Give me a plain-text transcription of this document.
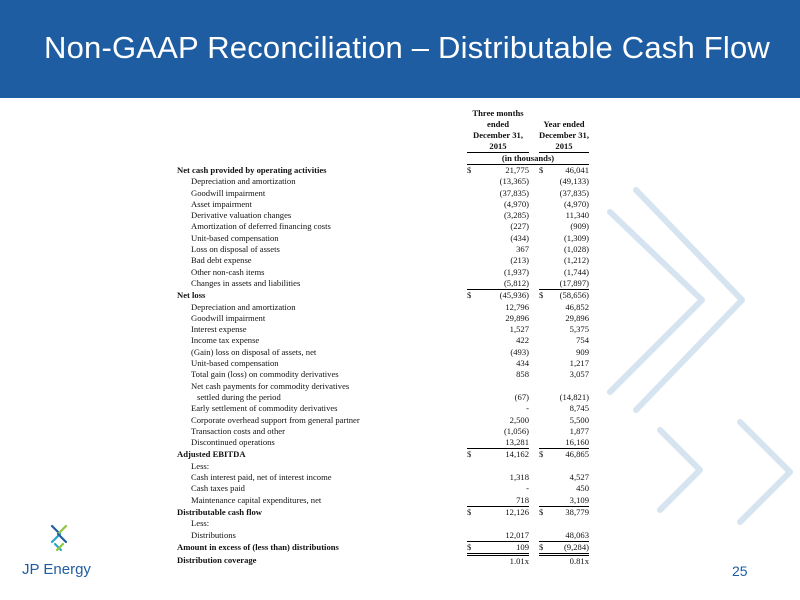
Non-GAAP Reconciliation – Distributable Cash Flow
	Three months				
	ended			Year ended	
	December 31,			December 31,	
	2015			2015	
	(in thousands)				
Net cash provided by operating activities	$	21,775		$	46,041
Depreciation and amortization		(13,365)			(49,133)
Goodwill impairment		(37,835)			(37,835)
Asset impairment		(4,970)			(4,970)
Derivative valuation changes		(3,285)			11,340
Amortization of deferred financing costs		(227)			(909)
Unit-based compensation		(434)			(1,309)
Loss on disposal of assets		367			(1,028)
Bad debt expense		(213)			(1,212)
Other non-cash items		(1,937)			(1,744)
Changes in assets and liabilities		(5,812)			(17,897)
Net loss	$	(45,936)		$	(58,656)
Depreciation and amortization		12,796			46,852
Goodwill impairment		29,896			29,896
Interest expense		1,527			5,375
Income tax expense		422			754
(Gain) loss on disposal of assets, net		(493)			909
Unit-based compensation		434			1,217
Total gain (loss) on commodity derivatives		858			3,057
Net cash payments for commodity derivatives					
settled during the period		(67)			(14,821)
Early settlement of commodity derivatives		-			8,745
Corporate overhead support from general partner		2,500			5,500
Transaction costs and other		(1,056)			1,877
Discontinued operations		13,281			16,160
Adjusted EBITDA	$	14,162		$	46,865
Less:					
Cash interest paid, net of interest income		1,318			4,527
Cash taxes paid		-			450
Maintenance capital expenditures, net		718			3,109
Distributable cash flow	$	12,126		$	38,779
Less:					
Distributions		12,017			48,063
Amount in excess of (less than) distributions	$	109		$	(9,284)
Distribution coverage		1.01x			0.81x
JP Energy	25
